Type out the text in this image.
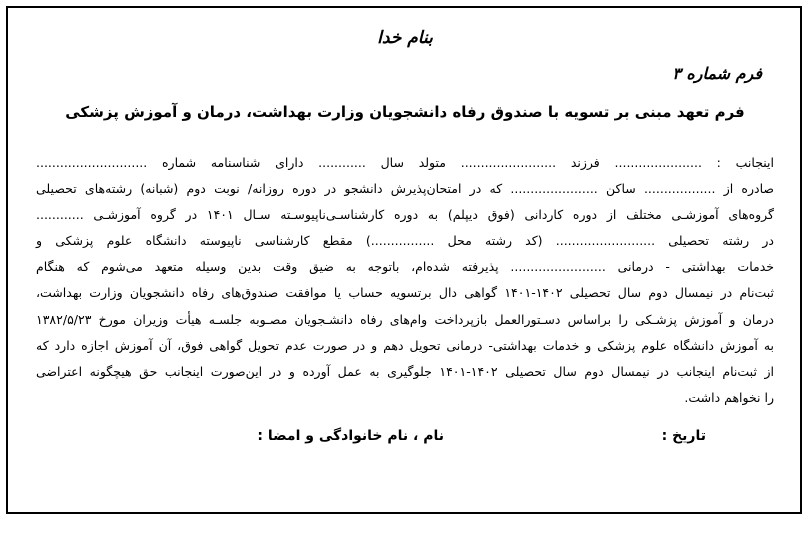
بنام خدا
فرم شماره ۳
فرم تعهد مبنی بر تسویه با صندوق رفاه دانشجویان وزارت بهداشت، درمان و آموزش پزشکی
اینجانب : ...................... فرزند ........................ متولد سال ............ دارای شناسنامه شماره ............................
صادره از .................. ساکن ...................... که در امتحان‌پذیرش دانشجو در دوره روزانه/ نوبت دوم (شبانه) رشته‌های تحصیلی
گروه‌های آموزشـی مختلف از دوره کاردانی (فوق دیپلم) به دوره کارشناسـی‌ناپیوسـته سـال ۱۴۰۱ در گروه آموزشـی ............
در رشته تحصیلی ......................... (کد رشته محل ................) مقطع کارشناسی ناپیوسته دانشگاه علوم پزشکی و
خدمات بهداشتی - درمانی ........................ پذیرفته شده‌ام، باتوجه به ضیق وقت بدین وسیله متعهد می‌شوم که هنگام
ثبت‌نام در نیمسال دوم سال تحصیلی ۱۴۰۲-۱۴۰۱ گواهی دال برتسویه حساب یا موافقت صندوق‌های رفاه دانشجویان وزارت بهداشت،
درمان و آموزش پزشـکی را براساس دسـتورالعمل بازپرداخت وام‌های رفاه دانشـجویان مصـوبه جلسـه هیأت وزیران مورخ ۱۳۸۲/۵/۲۳
به آموزش دانشگاه علوم پزشکی و خدمات بهداشتی- درمانی تحویل دهم و در صورت عدم تحویل گواهی فوق، آن آموزش اجازه دارد که
از ثبت‌نام اینجانب در نیمسال دوم سال تحصیلی ۱۴۰۲-۱۴۰۱ جلوگیری به عمل آورده و در این‌صورت اینجانب حق هیچگونه اعتراضی
را نخواهم داشت.
تاریخ :
نام ، نام خانوادگی و امضا :
